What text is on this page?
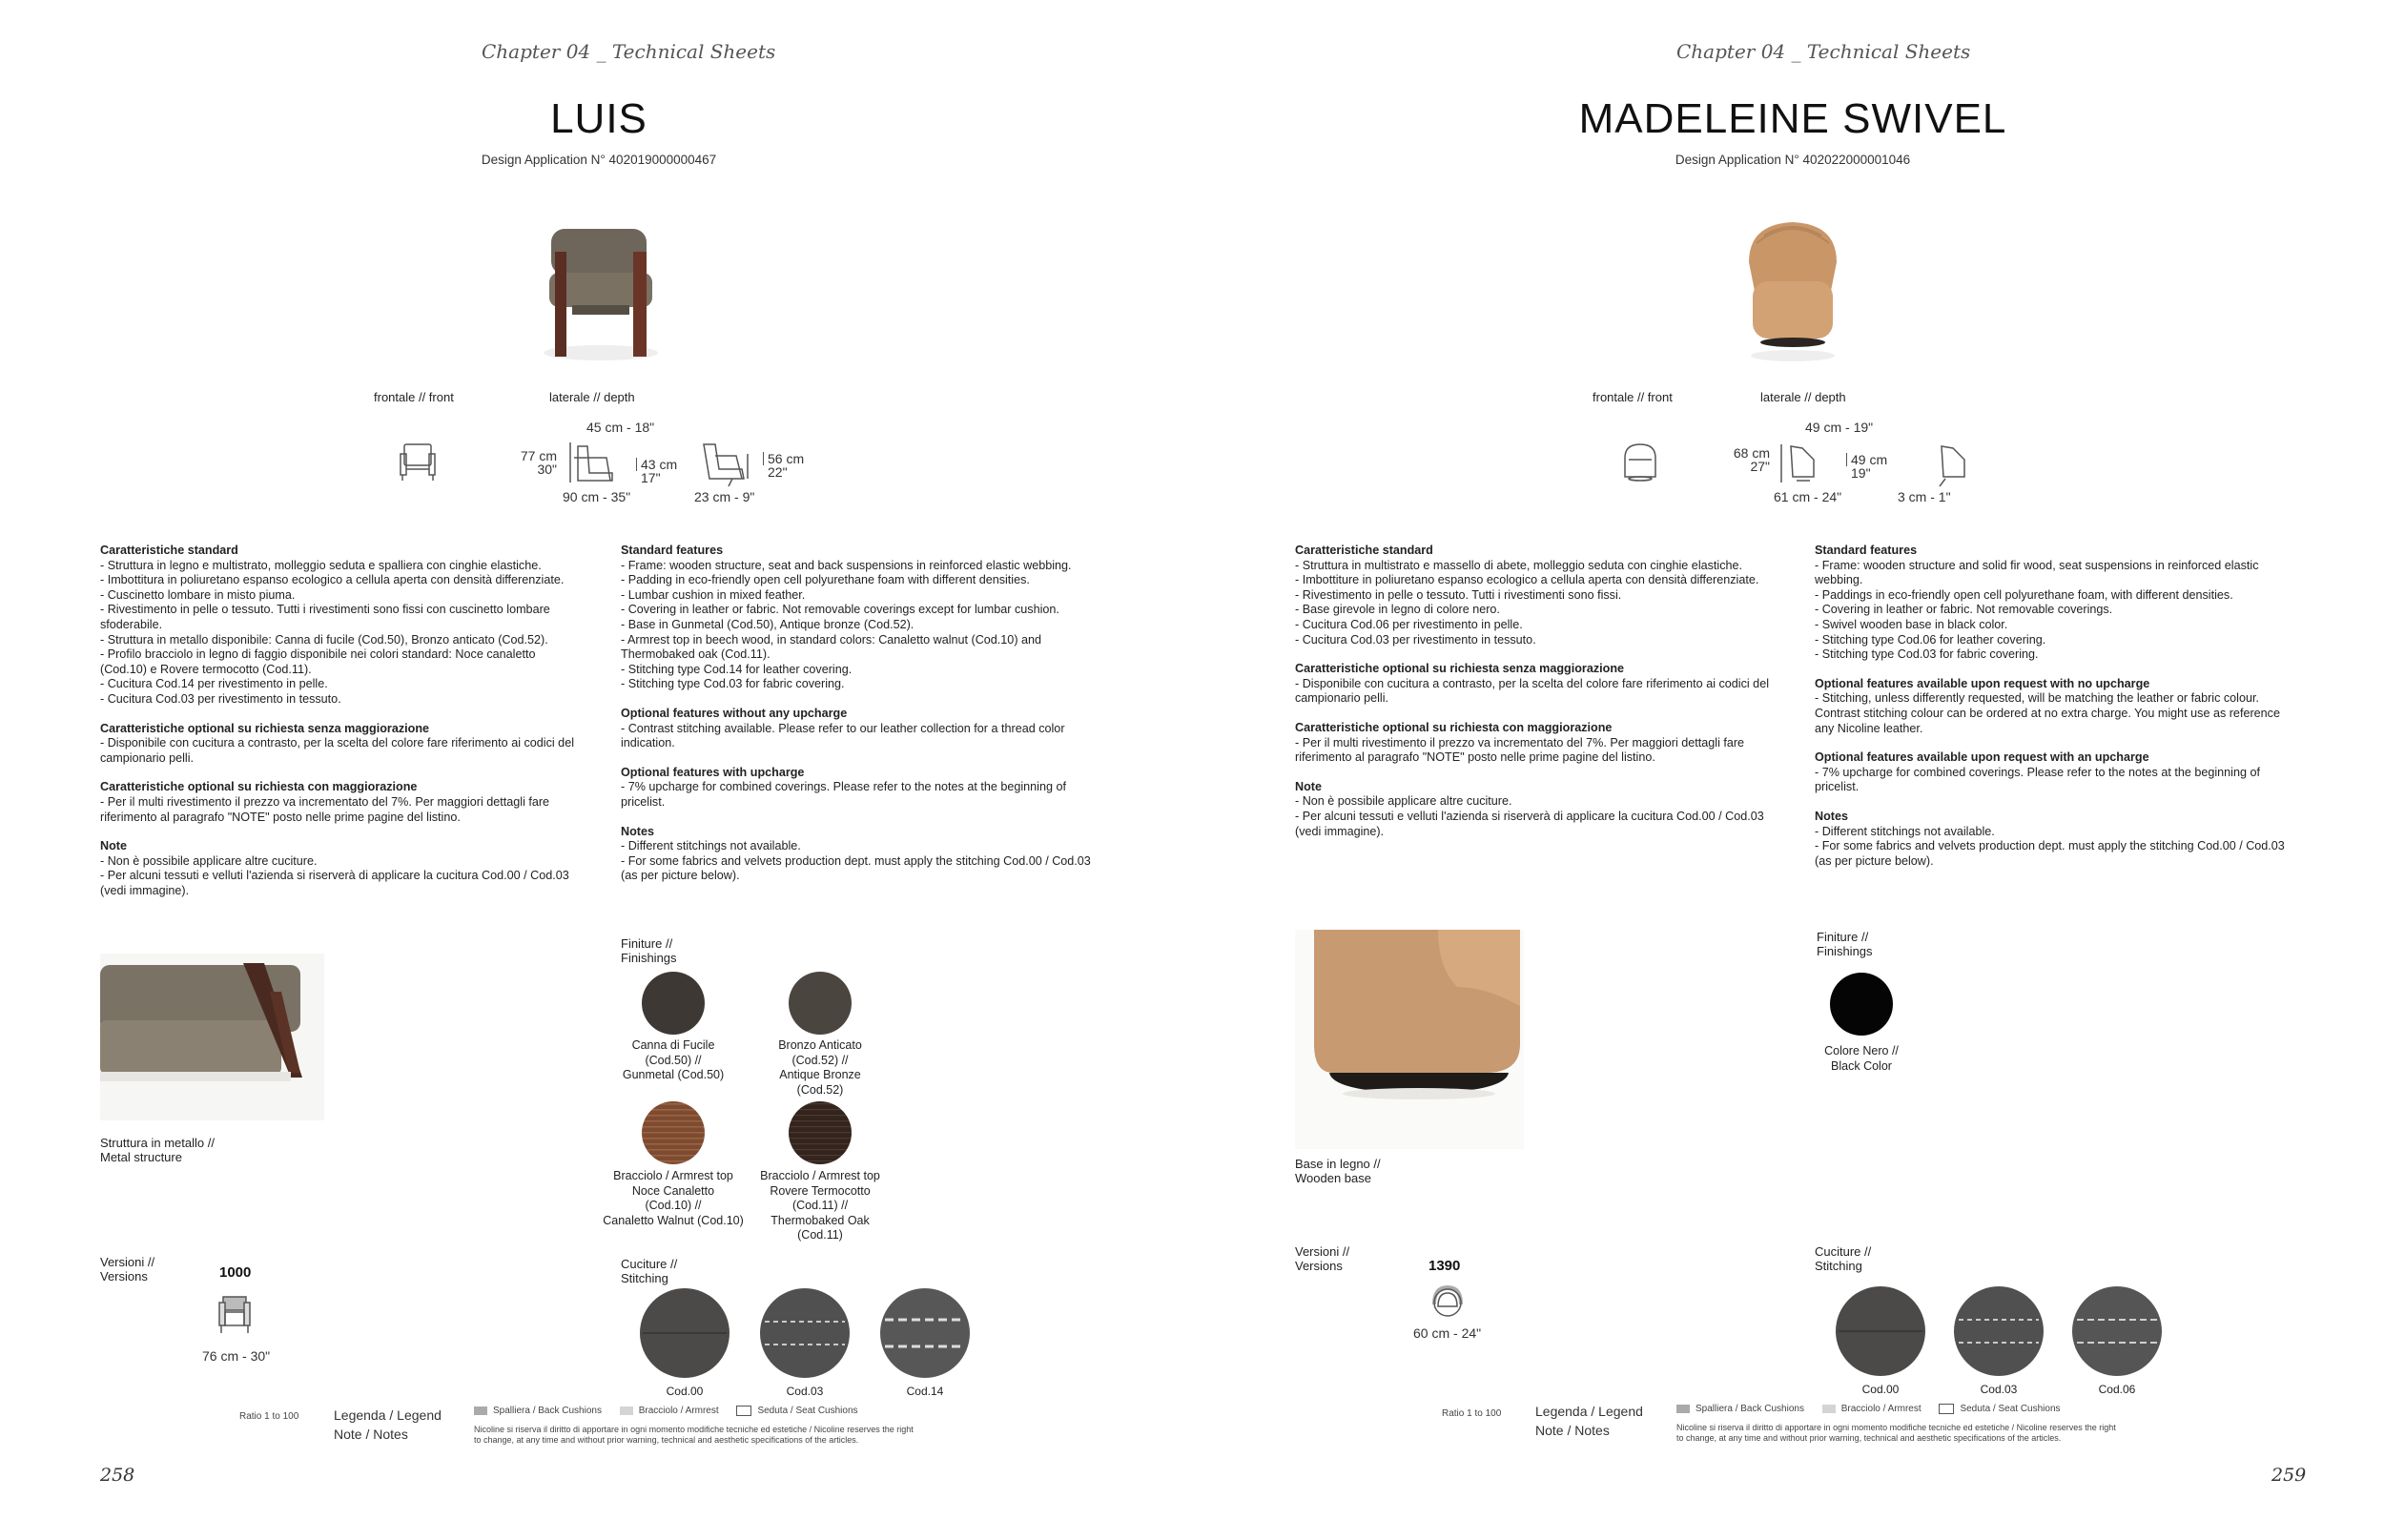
Chapter 04 _ Technical Sheets
LUIS
Design Application N° 402019000000467
frontale // front	laterale // depth
45 cm - 18"
77 cm
30"	43 cm
17"
90 cm - 35"
56 cm
22"
23 cm - 9"
Caratteristiche standard
- Struttura in legno e multistrato, molleggio seduta e spalliera con cinghie elastiche.
- Imbottitura in poliuretano espanso ecologico a cellula aperta con densità differenziate.
- Cuscinetto lombare in misto piuma.
- Rivestimento in pelle o tessuto. Tutti i rivestimenti sono fissi con cuscinetto lombare sfoderabile.
- Struttura in metallo disponibile: Canna di fucile (Cod.50), Bronzo anticato (Cod.52).
- Profilo bracciolo in legno di faggio disponibile nei colori standard: Noce canaletto (Cod.10) e Rovere termocotto (Cod.11).
- Cucitura Cod.14 per rivestimento in pelle.
- Cucitura Cod.03 per rivestimento in tessuto.
Caratteristiche optional su richiesta senza maggiorazione
- Disponibile con cucitura a contrasto, per la scelta del colore fare riferimento ai codici del campionario pelli.
Caratteristiche optional su richiesta con maggiorazione
- Per il multi rivestimento il prezzo va incrementato del 7%. Per maggiori dettagli fare riferimento al paragrafo "NOTE" posto nelle prime pagine del listino.
Note
- Non è possibile applicare altre cuciture.
- Per alcuni tessuti e velluti l'azienda si riserverà di applicare la cucitura Cod.00 / Cod.03 (vedi immagine).
Standard features
- Frame: wooden structure, seat and back suspensions in reinforced elastic webbing.
- Padding in eco-friendly open cell polyurethane foam with different densities.
- Lumbar cushion in mixed feather.
- Covering in leather or fabric. Not removable coverings except for lumbar cushion.
- Base in Gunmetal (Cod.50), Antique bronze (Cod.52).
- Armrest top in beech wood, in standard colors: Canaletto walnut (Cod.10) and Thermobaked oak (Cod.11).
- Stitching type Cod.14 for leather covering.
- Stitching type Cod.03 for fabric covering.
Optional features without any upcharge
- Contrast stitching available. Please refer to our leather collection for a thread color indication.
Optional features with upcharge
- 7% upcharge for combined coverings. Please refer to the notes at the beginning of pricelist.
Notes
- Different stitchings not available.
- For some fabrics and velvets production dept. must apply the stitching Cod.00 / Cod.03 (as per picture below).
Struttura in metallo //
Metal structure
Finiture //
Finishings
Canna di Fucile
(Cod.50) //
Gunmetal (Cod.50)
Bronzo Anticato
(Cod.52) //
Antique Bronze
(Cod.52)
Bracciolo / Armrest top
Noce Canaletto
(Cod.10) //
Canaletto Walnut (Cod.10)
Bracciolo / Armrest top
Rovere Termocotto
(Cod.11) //
Thermobaked Oak
(Cod.11)
Versioni //
Versions	1000
76 cm - 30"
Cuciture //
Stitching
Cod.00	Cod.03	Cod.14
Ratio 1 to 100	Legenda / Legend
Note / Notes
Spalliera / Back Cushions	Bracciolo / Armrest	Seduta / Seat Cushions
Nicoline si riserva il diritto di apportare in ogni momento modifiche tecniche ed estetiche / Nicoline reserves the right
to change, at any time and without prior warning, technical and aesthetic specifications of the articles.
258
Chapter 04 _ Technical Sheets
MADELEINE SWIVEL
Design Application N° 402022000001046
frontale // front	laterale // depth
49 cm - 19"
68 cm
27"	49 cm
19"
61 cm - 24"	3 cm - 1"
Caratteristiche standard
- Struttura in multistrato e massello di abete, molleggio seduta con cinghie elastiche.
- Imbottiture in poliuretano espanso ecologico a cellula aperta con densità differenziate.
- Rivestimento in pelle o tessuto. Tutti i rivestimenti sono fissi.
- Base girevole in legno di colore nero.
- Cucitura Cod.06 per rivestimento in pelle.
- Cucitura Cod.03 per rivestimento in tessuto.
Caratteristiche optional su richiesta senza maggiorazione
- Disponibile con cucitura a contrasto, per la scelta del colore fare riferimento ai codici del campionario pelli.
Caratteristiche optional su richiesta con maggiorazione
- Per il multi rivestimento il prezzo va incrementato del 7%. Per maggiori dettagli fare riferimento al paragrafo "NOTE" posto nelle prime pagine del listino.
Note
- Non è possibile applicare altre cuciture.
- Per alcuni tessuti e velluti l'azienda si riserverà di applicare la cucitura Cod.00 / Cod.03 (vedi immagine).
Standard features
- Frame: wooden structure and solid fir wood, seat suspensions in reinforced elastic webbing.
- Paddings in eco-friendly open cell polyurethane foam, with different densities.
- Covering in leather or fabric. Not removable coverings.
- Swivel wooden base in black color.
- Stitching type Cod.06 for leather covering.
- Stitching type Cod.03 for fabric covering.
Optional features available upon request with no upcharge
- Stitching, unless differently requested, will be matching the leather or fabric colour. Contrast stitching colour can be ordered at no extra charge. You might use as reference any Nicoline leather.
Optional features available upon request with an upcharge
- 7% upcharge for combined coverings. Please refer to the notes at the beginning of pricelist.
Notes
- Different stitchings not available.
- For some fabrics and velvets production dept. must apply the stitching Cod.00 / Cod.03 (as per picture below).
Base in legno //
Wooden base
Finiture //
Finishings
Colore Nero //
Black Color
Versioni //
Versions	1390
60 cm - 24"
Cuciture //
Stitching
Cod.00	Cod.03	Cod.06
Ratio 1 to 100	Legenda / Legend
Note / Notes
Spalliera / Back Cushions	Bracciolo / Armrest	Seduta / Seat Cushions
Nicoline si riserva il diritto di apportare in ogni momento modifiche tecniche ed estetiche / Nicoline reserves the right
to change, at any time and without prior warning, technical and aesthetic specifications of the articles.
259
